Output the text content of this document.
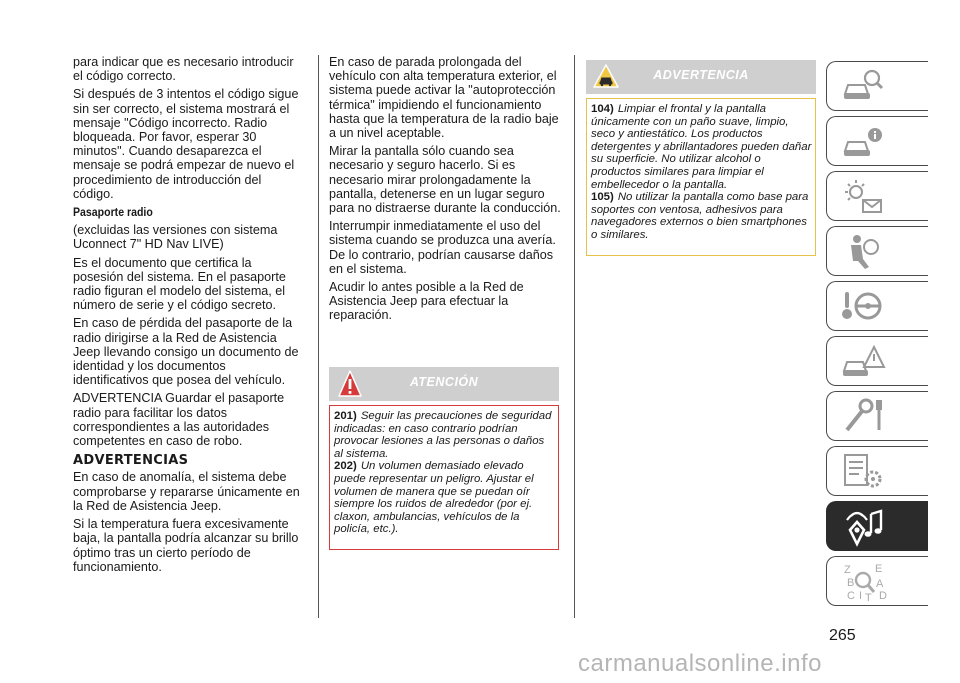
para indicar que es necesario introducir el código correcto.

Si después de 3 intentos el código sigue sin ser correcto, el sistema mostrará el mensaje "Código incorrecto. Radio bloqueada. Por favor, esperar 30 minutos". Cuando desaparezca el mensaje se podrá empezar de nuevo el procedimiento de introducción del código.

Pasaporte radio

(excluidas las versiones con sistema Uconnect 7" HD Nav LIVE)

Es el documento que certifica la posesión del sistema. En el pasaporte radio figuran el modelo del sistema, el número de serie y el código secreto.

En caso de pérdida del pasaporte de la radio dirigirse a la Red de Asistencia Jeep llevando consigo un documento de identidad y los documentos identificativos que posea del vehículo.

ADVERTENCIA Guardar el pasaporte radio para facilitar los datos correspondientes a las autoridades competentes en caso de robo.

ADVERTENCIAS

En caso de anomalía, el sistema debe comprobarse y repararse únicamente en la Red de Asistencia Jeep.

Si la temperatura fuera excesivamente baja, la pantalla podría alcanzar su brillo óptimo tras un cierto período de funcionamiento.

En caso de parada prolongada del vehículo con alta temperatura exterior, el sistema puede activar la "autoprotección térmica" impidiendo el funcionamiento hasta que la temperatura de la radio baje a un nivel aceptable.

Mirar la pantalla sólo cuando sea necesario y seguro hacerlo. Si es necesario mirar prolongadamente la pantalla, detenerse en un lugar seguro para no distraerse durante la conducción.

Interrumpir inmediatamente el uso del sistema cuando se produzca una avería. De lo contrario, podrían causarse daños en el sistema.

Acudir lo antes posible a la Red de Asistencia Jeep para efectuar la reparación.

ATENCIÓN

201) Seguir las precauciones de seguridad indicadas: en caso contrario podrían provocar lesiones a las personas o daños al sistema.

202) Un volumen demasiado elevado puede representar un peligro. Ajustar el volumen de manera que se puedan oír siempre los ruidos de alrededor (por ej. claxon, ambulancias, vehículos de la policía, etc.).

ADVERTENCIA

104) Limpiar el frontal y la pantalla únicamente con un paño suave, limpio, seco y antiestático. Los productos detergentes y abrillantadores pueden dañar su superficie. No utilizar alcohol o productos similares para limpiar el embellecedor o la pantalla.

105) No utilizar la pantalla como base para soportes con ventosa, adhesivos para navegadores externos o bien smartphones o similares.

Z E
B A
C D
I T
265
carmanualsonline.info
